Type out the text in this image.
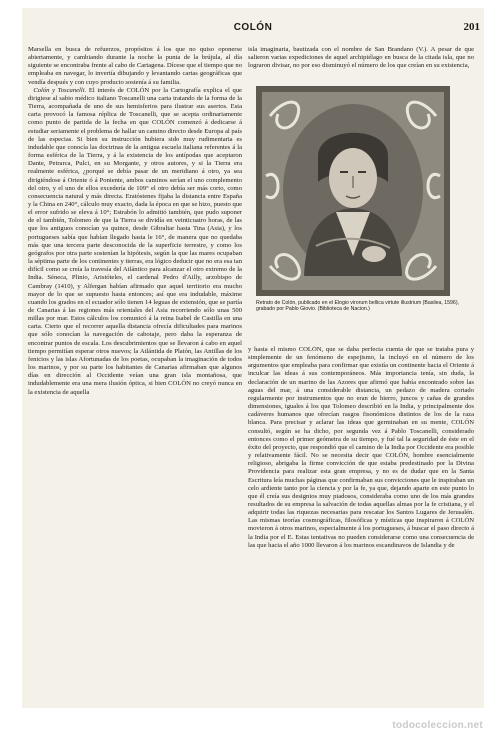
COLÓN	201
Marsella en busca de refuerzos, propósitos á los que no quiso oponerse abiertamente, y cambiando durante la noche la punta de la brújula, al día siguiente se encontraba frente al cabo de Cartagena. Dícese que el tiempo que no empleaba en navegar, lo invertía dibujando y levantando cartas geográficas que vendía después y con cuyo producto sostenía á su familia.
Colón y Toscanelli. El interés de COLÓN por la Cartografía explica el que dirigiese al sabio médico italiano Toscanelli una carta tratando de la forma de la Tierra, acompañada de uno de sus hemisferios para ilustrar sus asertos. Esta carta provocó la famosa réplica de Toscanelli, que se acepta ordinariamente como punto de partida de la fecha en que COLÓN comenzó á dedicarse á estudiar seriamente el problema de hallar un camino directo desde Europa al país de las especias. Si bien su instrucción hubiera sido muy rudimentaria es indudable que conocía las doctrinas de la antigua escuela italiana referentes á la forma esférica de la Tierra, y á la existencia de los antípodas que aceptaron Dante, Petrarca, Pulci, en su Morgante, y otros autores, y si la Tierra era realmente esférica, ¿porqué se debía pasar de un meridiano á otro, ya sea dirigiéndose á Oriente ó á Poniente, ambos caminos serían el uno complemento del otro, y el uno de ellos excedería de 109° el otro debía ser más corto, como consecuencia natural y más directa. Eratóstenes fijaba la distancia entre España y la China en 240°, cálculo muy exacto, dada la época en que se hizo, puesto que el error sufrido se eleva á 10°; Estrabón lo admitió también, que pudo suponer de el también, Tolomeo de que la Tierra se dividía en veinticuatro horas, de las que los antiguos conocían ya quince, desde Gibraltar hasta Tina (Asia), y los portugueses sabía que habían llegado hasta le 16°, de manera que no quedaba más que una tercera parte desconocida de la superficie terrestre, y como los geógrafos por otra parte sostenían la hipótesis, según la que las mares ocupaban la séptima parte de los continentes y tierras, era lógico deducir que no era esa tan difícil como se creía la travesía del Atlántico para alcanzar el otro extremo de la India. Séneca, Plinio, Aristóteles, el cardenal Pedro d'Ailly, arzobispo de Cambray (1410), y Alfergan habían afirmado que aquel territorio era mucho mayor de lo que se supuesto hasta entonces; así que era indudable, máxime cuando los grados en el ecuador sólo tienen 14 leguas de extensión, que se partía de Canarias á las regiones más orientales del Asia recorriendo sólo unas 500 millas por mar. Estos cálculos los comunicó á la reina Isabel de Castilla en una carta. Cierto que el recorrer aquella distancia ofrecía dificultades para marinos que sólo conocían la navegación de cabotaje, pero daba la esperanza de encontrar puntos de escala. Los descubrimientos que se llevaron á cabo en aquel tiempo permitían esperar otros nuevos; la Atlántida de Platón, las Antillas de los fenicios y las islas Afortunadas de los poetas, ocupaban la imaginación de todos los marinos, y por su parte los habitantes de Canarias afirmaban que algunos días en dirección al Occidente veían una gran isla montañosa, que indudablemente era una mera ilusión óptica, si bien COLÓN no creyó nunca en la existencia de aquella
isla imaginaria, bautizada con el nombre de San Brandano (V.). A pesar de que salieron varias expediciones de aquel archipiélago en busca de la citada isla, que no lograron divisar, no por eso disminuyó el número de los que creían en su existencia,
Retrato de Colón, publicado en el Elogio virorum bellica virtute illustrium (Basilea, 1596), grabado por Pablo Giovio. (Biblioteca de Nacion.)
y hasta el mismo COLÓN, que se daba perfecta cuenta de que se trataba pura y simplemente de un fenómeno de espejismo, la incluyó en el número de los argumentos que empleaba para confirmar que existía un continente hacia el Oriente á inculcar las ideas á sus contemporáneos. Más importancia tenía, sin duda, la declaración de un marino de las Azores que afirmó que había encontrado sobre las aguas del mar, á una considerable distancia, un pedazo de madera cortado regularmente por instrumentos que no eran de hierro, juncos y cañas de grandes dimensiones, iguales á los que Tolomeo describió en la India, y principalmente dos cadáveres humanos que ofrecían rasgos fisonómicos distintos de los de la raza blanca. Para precisar y aclarar las ideas que germinaban en su mente, COLÓN consultó, según se ha dicho, por segunda vez á Pablo Toscanelli, considerado entonces como el primer geómetra de su tiempo, y fué tal la seguridad de éste en el éxito del proyecto, que respondió que el camino de la India por Occidente era posible y relativamente fácil. No se necesita decir que COLÓN, hombre esencialmente religioso, abrigaba la firme convicción de que estaba predestinado por la Divina Providencia para realizar esta gran empresa, y no es de dudar que en la Santa Escritura leía muchas páginas que confirmaban sus convicciones que le inspiraban un celo ardiente tanto por la ciencia y por la fe, ya que, dejando aparte en este punto lo que él creía sus designios muy piadosos, consideraba como uno de los más grandes resultados de su empresa la salvación de todas aquellas almas por la fe cristiana, y el adquirir todas las riquezas necesarias para rescatar los Santos Lugares de Jerusalén. Las mismas teorías cosmográficas, filosóficas y místicas que inspiraron á COLÓN movieron á otros marinos, especialmente á los portugueses, á buscar el paso directo á la India por el E. Estas tentativas no pueden considerarse como una consecuencia de las que hacia el año 1000 llevaron á los marinos escandinavos de Islandia y de
todocoleccion.net
